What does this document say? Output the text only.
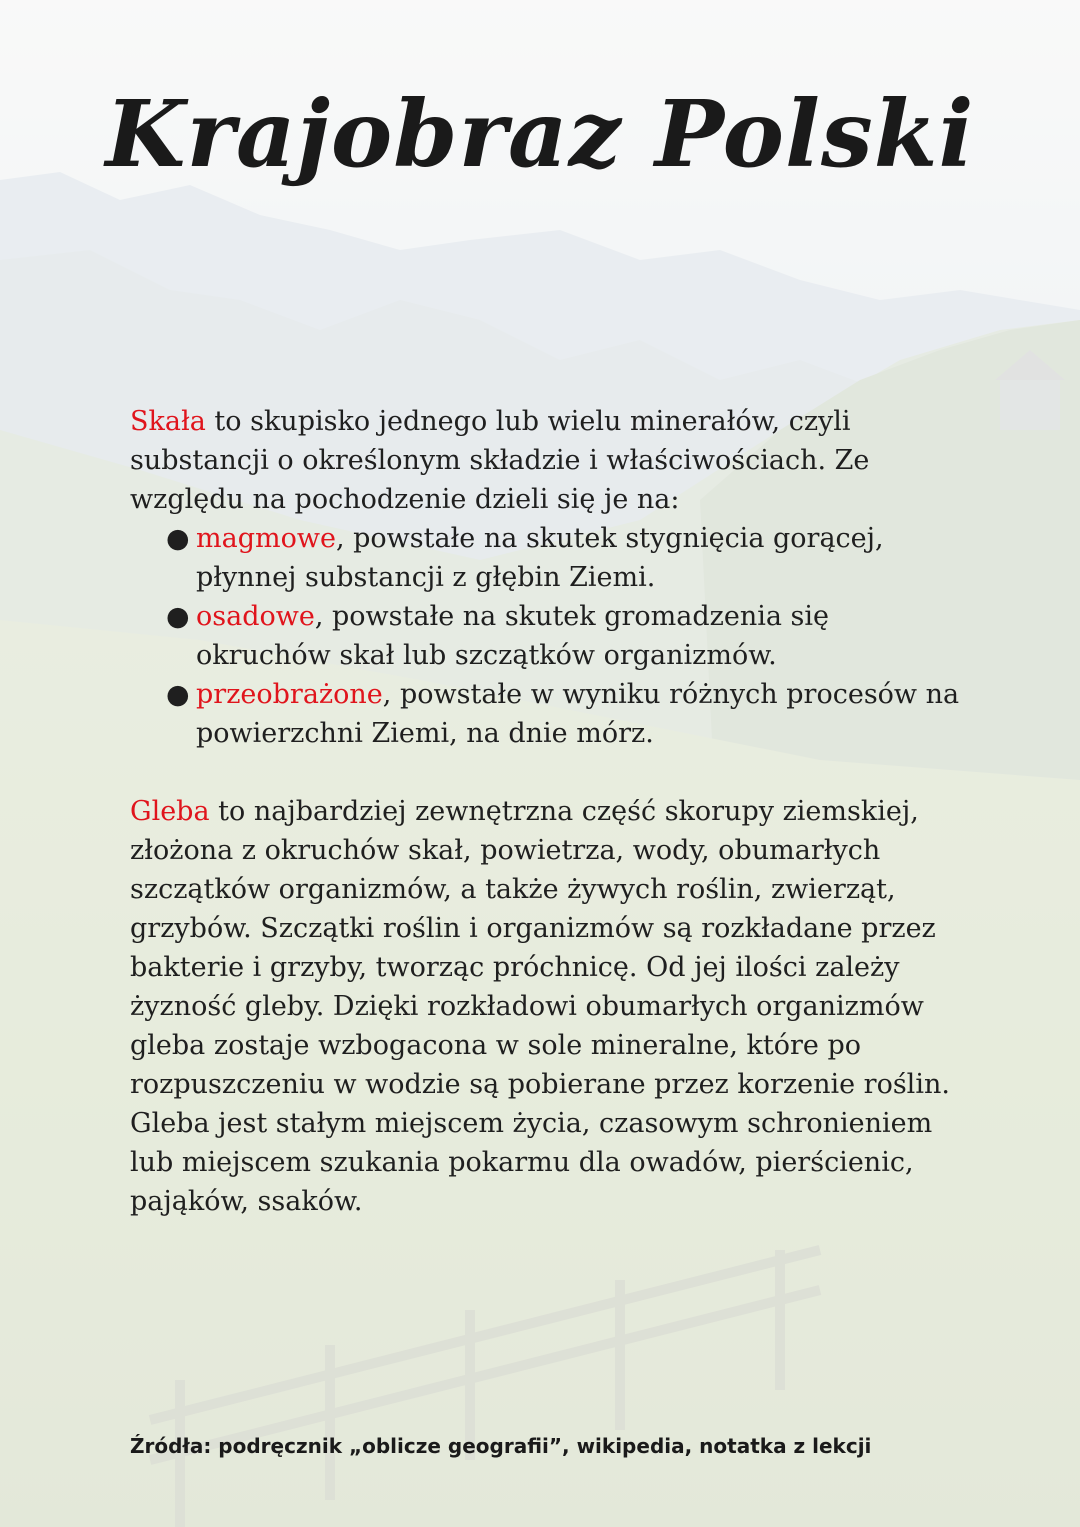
Krajobraz Polski

Skała to skupisko jednego lub wielu minerałów, czyli substancji o określonym składzie i właściwościach. Ze względu na pochodzenie dzieli się je na:

● magmowe, powstałe na skutek stygnięcia gorącej, płynnej substancji z głębin Ziemi.
● osadowe, powstałe na skutek gromadzenia się okruchów skał lub szczątków organizmów.
● przeobrażone, powstałe w wyniku różnych procesów na powierzchni Ziemi, na dnie mórz.

Gleba to najbardziej zewnętrzna część skorupy ziemskiej, złożona z okruchów skał, powietrza, wody, obumarłych szczątków organizmów, a także żywych roślin, zwierząt, grzybów. Szczątki roślin i organizmów są rozkładane przez bakterie i grzyby, tworząc próchnicę. Od jej ilości zależy żyzność gleby. Dzięki rozkładowi obumarłych organizmów gleba zostaje wzbogacona w sole mineralne, które po rozpuszczeniu w wodzie są pobierane przez korzenie roślin. Gleba jest stałym miejscem życia, czasowym schronieniem lub miejscem szukania pokarmu dla owadów, pierścienic, pająków, ssaków.

Źródła: podręcznik „oblicze geografii”, wikipedia, notatka z lekcji
